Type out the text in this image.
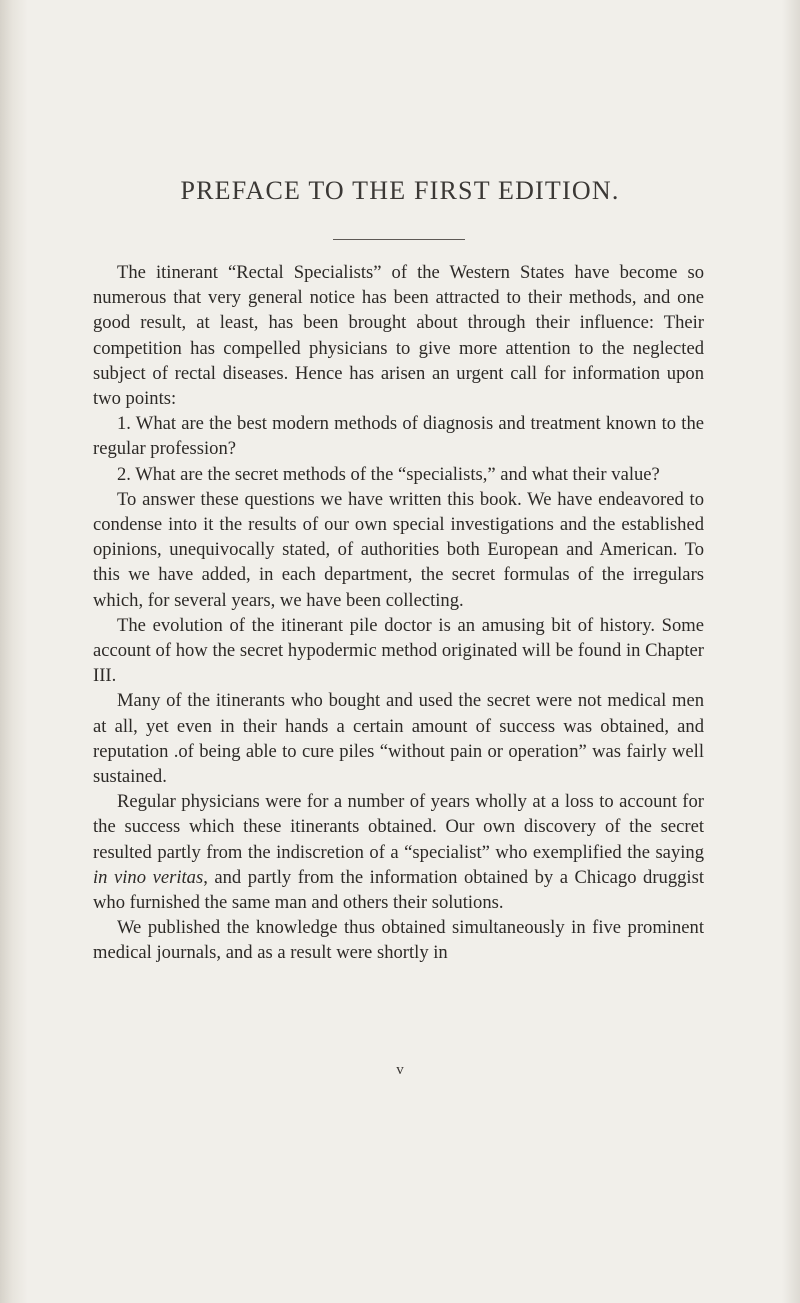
PREFACE TO THE FIRST EDITION.

The itinerant “Rectal Specialists” of the Western States have become so numerous that very general notice has been attracted to their methods, and one good result, at least, has been brought about through their influence: Their competition has compelled physicians to give more attention to the neglected subject of rectal diseases. Hence has arisen an urgent call for information upon two points:

1. What are the best modern methods of diagnosis and treatment known to the regular profession?

2. What are the secret methods of the “specialists,” and what their value?

To answer these questions we have written this book. We have endeavored to condense into it the results of our own special investigations and the established opinions, unequivocally stated, of authorities both European and American. To this we have added, in each department, the secret formulas of the irregulars which, for several years, we have been collecting.

The evolution of the itinerant pile doctor is an amusing bit of history. Some account of how the secret hypodermic method originated will be found in Chapter III.

Many of the itinerants who bought and used the secret were not medical men at all, yet even in their hands a certain amount of success was obtained, and reputation .of being able to cure piles “without pain or operation” was fairly well sustained.

Regular physicians were for a number of years wholly at a loss to account for the success which these itinerants obtained. Our own discovery of the secret resulted partly from the indiscretion of a “specialist” who exemplified the saying in vino veritas, and partly from the information obtained by a Chicago druggist who furnished the same man and others their solutions.

We published the knowledge thus obtained simultaneously in five prominent medical journals, and as a result were shortly in

v
